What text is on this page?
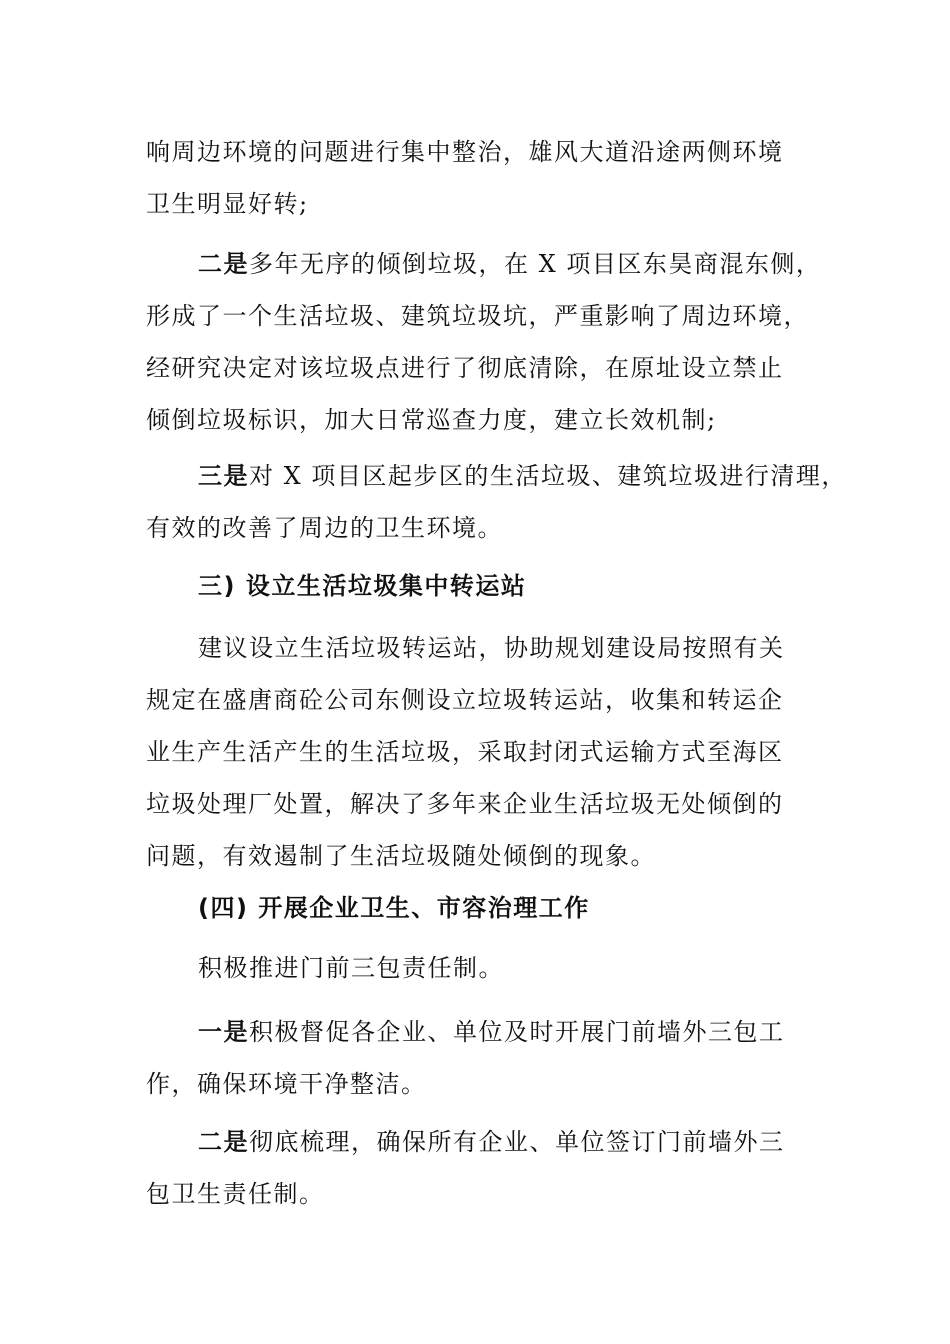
响周边环境的问题进行集中整治，雄风大道沿途两侧环境
卫生明显好转;

二是多年无序的倾倒垃圾，在 X 项目区东昊商混东侧，
形成了一个生活垃圾、建筑垃圾坑，严重影响了周边环境，
经研究决定对该垃圾点进行了彻底清除，在原址设立禁止
倾倒垃圾标识，加大日常巡查力度，建立长效机制;

三是对 X 项目区起步区的生活垃圾、建筑垃圾进行清理，
有效的改善了周边的卫生环境。

三) 设立生活垃圾集中转运站

建议设立生活垃圾转运站，协助规划建设局按照有关
规定在盛唐商砼公司东侧设立垃圾转运站，收集和转运企
业生产生活产生的生活垃圾，采取封闭式运输方式至海区
垃圾处理厂处置，解决了多年来企业生活垃圾无处倾倒的
问题，有效遏制了生活垃圾随处倾倒的现象。

(四) 开展企业卫生、市容治理工作

积极推进门前三包责任制。

一是积极督促各企业、单位及时开展门前墙外三包工
作，确保环境干净整洁。

二是彻底梳理，确保所有企业、单位签订门前墙外三
包卫生责任制。
